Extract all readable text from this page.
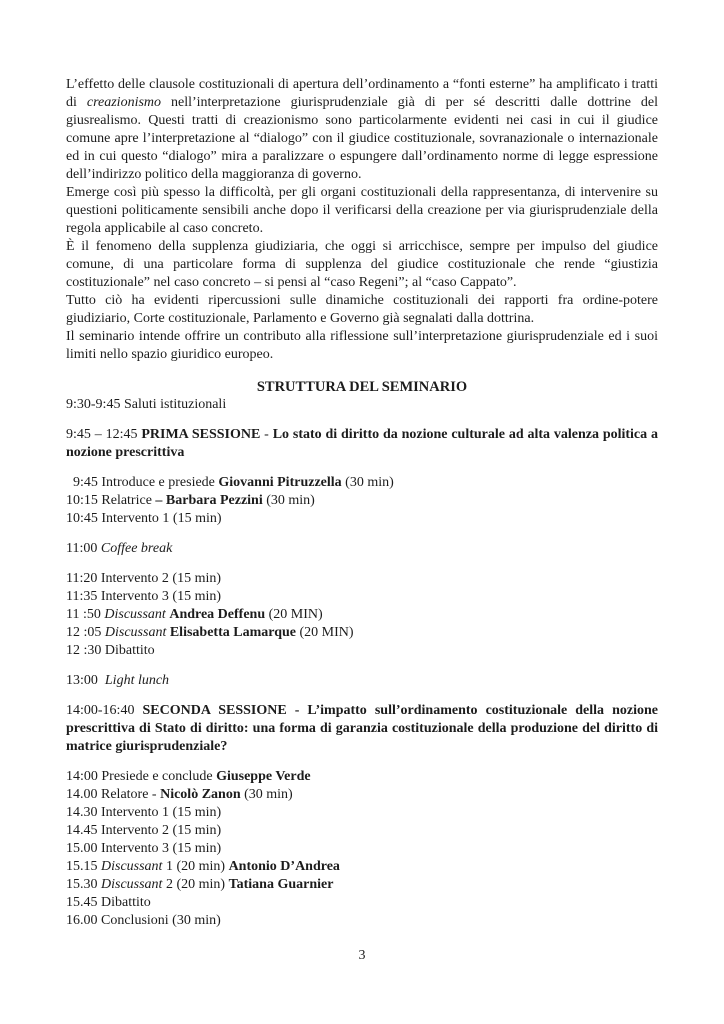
L’effetto delle clausole costituzionali di apertura dell’ordinamento a “fonti esterne” ha amplificato i tratti di creazionismo nell’interpretazione giurisprudenziale già di per sé descritti dalle dottrine del giusrealismo. Questi tratti di creazionismo sono particolarmente evidenti nei casi in cui il giudice comune apre l’interpretazione al “dialogo” con il giudice costituzionale, sovranazionale o internazionale ed in cui questo “dialogo” mira a paralizzare o espungere dall’ordinamento norme di legge espressione dell’indirizzo politico della maggioranza di governo.

Emerge così più spesso la difficoltà, per gli organi costituzionali della rappresentanza, di intervenire su questioni politicamente sensibili anche dopo il verificarsi della creazione per via giurisprudenziale della regola applicabile al caso concreto.

È il fenomeno della supplenza giudiziaria, che oggi si arricchisce, sempre per impulso del giudice comune, di una particolare forma di supplenza del giudice costituzionale che rende “giustizia costituzionale” nel caso concreto – si pensi al “caso Regeni”; al “caso Cappato”.

Tutto ciò ha evidenti ripercussioni sulle dinamiche costituzionali dei rapporti fra ordine-potere giudiziario, Corte costituzionale, Parlamento e Governo già segnalati dalla dottrina.

Il seminario intende offrire un contributo alla riflessione sull’interpretazione giurisprudenziale ed i suoi limiti nello spazio giuridico europeo.

STRUTTURA DEL SEMINARIO

9:30-9:45 Saluti istituzionali

9:45 – 12:45 PRIMA SESSIONE - Lo stato di diritto da nozione culturale ad alta valenza politica a nozione prescrittiva

9:45 Introduce e presiede Giovanni Pitruzzella (30 min)

10:15 Relatrice – Barbara Pezzini (30 min)

10:45 Intervento 1 (15 min)

11:00 Coffee break

11:20 Intervento 2 (15 min)

11:35 Intervento 3 (15 min)

11 :50 Discussant Andrea Deffenu (20 MIN)

12 :05 Discussant Elisabetta Lamarque (20 MIN)

12 :30 Dibattito

13:00  Light lunch

14:00-16:40 SECONDA SESSIONE - L’impatto sull’ordinamento costituzionale della nozione prescrittiva di Stato di diritto: una forma di garanzia costituzionale della produzione del diritto di matrice giurisprudenziale?

14:00 Presiede e conclude Giuseppe Verde

14.00 Relatore - Nicolò Zanon (30 min)

14.30 Intervento 1 (15 min)

14.45 Intervento 2 (15 min)

15.00 Intervento 3 (15 min)

15.15 Discussant 1 (20 min) Antonio D’Andrea

15.30 Discussant 2 (20 min) Tatiana Guarnier

15.45 Dibattito

16.00 Conclusioni (30 min)

3
